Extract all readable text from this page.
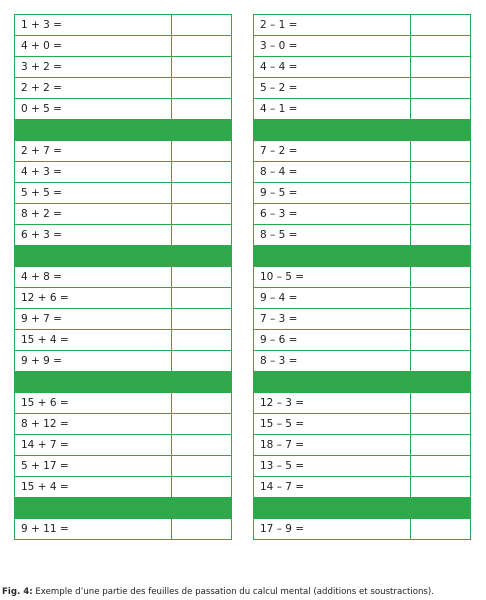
1 + 3 =	
4 + 0 =	
3 + 2 =	
2 + 2 =	
0 + 5 =	

2 + 7 =	
4 + 3 =	
5 + 5 =	
8 + 2 =	
6 + 3 =	

4 + 8 =	
12 + 6 =	
9 + 7 =	
15 + 4 =	
9 + 9 =	

15 + 6 =	
8 + 12 =	
14 + 7 =	
5 + 17 =	
15 + 4 =	

9 + 11 =	
2 – 1 =	
3 – 0 =	
4 – 4 =	
5 – 2 =	
4 – 1 =	

7 – 2 =	
8 – 4 =	
9 – 5 =	
6 – 3 =	
8 – 5 =	

10 – 5 =	
9 – 4 =	
7 – 3 =	
9 – 6 =	
8 – 3 =	

12 – 3 =	
15 – 5 =	
18 – 7 =	
13 – 5 =	
14 – 7 =	

17 – 9 =	
Fig. 4: Exemple d’une partie des feuilles de passation du calcul mental (additions et soustractions).
